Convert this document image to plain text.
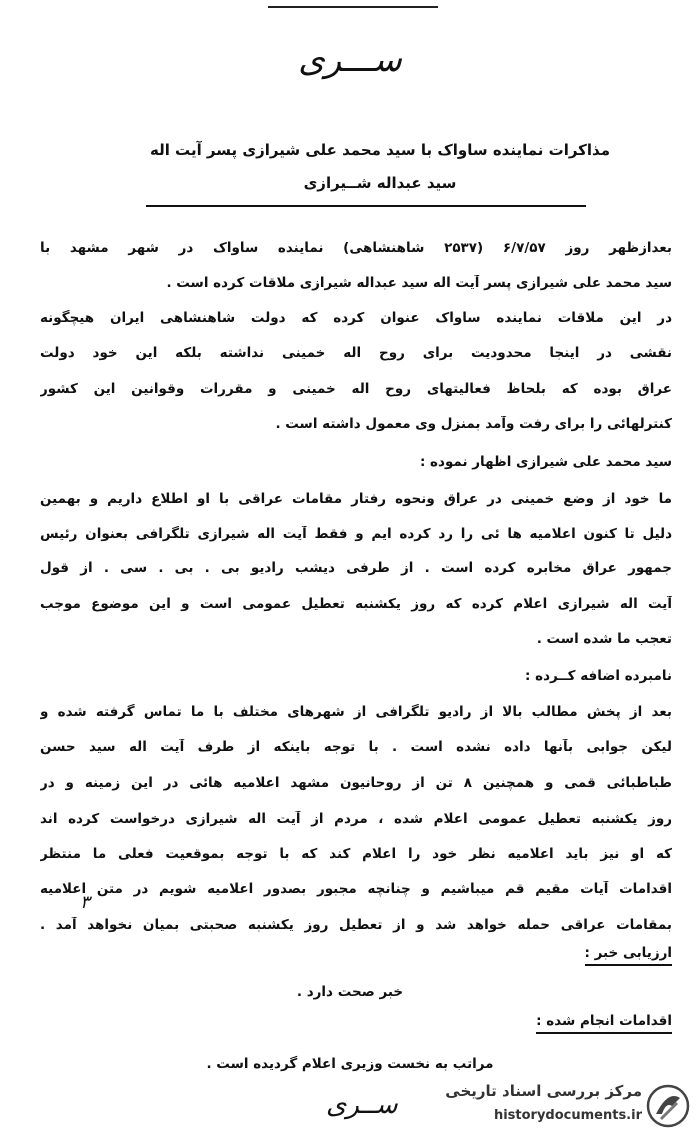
ســـری
مذاکرات نماینده ساواک با سید محمد علی شیرازی پسر آیت اله
سید عبداله شــیرازی
بعدازظهر روز ۶/۷/۵۷ (۲۵۳۷ شاهنشاهی) نماینده ساواک در شهر مشهد با
سید محمد علی شیرازی پسر آیت اله سید عبداله شیرازی ملاقات کرده است .
در این ملاقات نماینده ساواک عنوان کرده که دولت شاهنشاهی ایران هیچگونه
نقشی در اینجا محدودیت برای روح اله خمینی نداشته بلکه این خود دولت
عراق بوده که بلحاظ فعالیتهای روح اله خمینی و مقررات وقوانین این کشور
کنترلهائی را برای رفت وآمد بمنزل وی معمول داشته است .
سید محمد علی شیرازی اظهار نموده :
ما خود از وضع خمینی در عراق ونحوه رفتار مقامات عراقی با او اطلاع داریم و بهمین
دلیل تا کنون اعلامیه ها ئی را رد کرده ایم و فقط آیت اله شیرازی تلگرافی بعنوان رئیس
جمهور عراق مخابره کرده است . از طرفی دیشب رادیو بی . بی . سی . از قول
آیت اله شیرازی اعلام کرده که روز یکشنبه تعطیل عمومی است و این موضوع موجب
تعجب ما شده است .
نامبرده اضافه کــرده :
بعد از پخش مطالب بالا از رادیو تلگرافی از شهرهای مختلف با ما تماس گرفته شده و
لیکن جوابی بآنها داده نشده است . با توجه باینکه از طرف آیت اله سید حسن
طباطبائی قمی و همچنین ۸ تن از روحانیون مشهد اعلامیه هائی در این زمینه و در
روز یکشنبه تعطیل عمومی اعلام شده ، مردم از آیت اله شیرازی درخواست کرده اند
که او نیز باید اعلامیه نظر خود را اعلام کند که با توجه بموقعیت فعلی ما منتظر
اقدامات آیات مقیم قم میباشیم و چنانچه مجبور بصدور اعلامیه شویم در متن اعلامیه
بمقامات عراقی حمله خواهد شد و از تعطیل روز یکشنبه صحبتی بمیان نخواهد آمد .
۳
ارزیابی خبر :
خبر صحت دارد .
اقدامات انجام شده :
مراتب به نخست وزیری اعلام گردیده است .
ســری	مرکز بررسی اسناد تاریخی
historydocuments.ir
